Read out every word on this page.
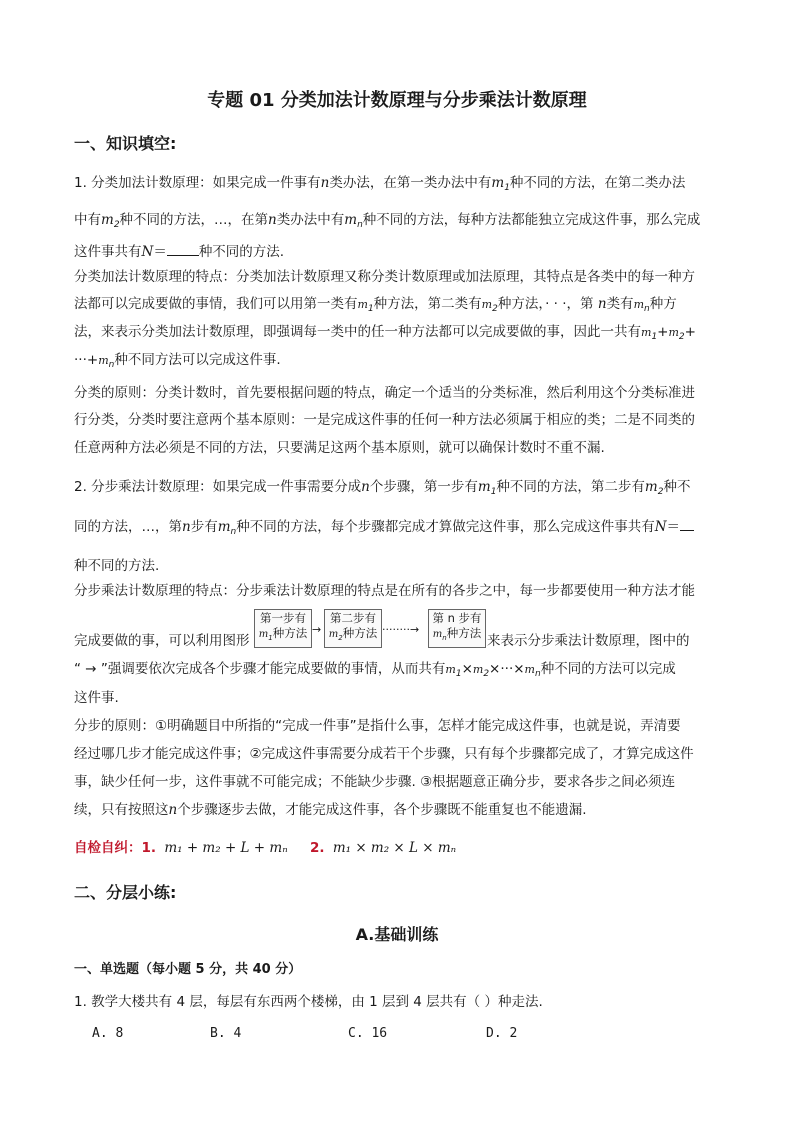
专题 01 分类加法计数原理与分步乘法计数原理
一、知识填空:
1. 分类加法计数原理：如果完成一件事有n类办法，在第一类办法中有$m_1$种不同的方法，在第二类办法
中有$m_2$种不同的方法，…，在第n类办法中有$m_n$种不同的方法，每种方法都能独立完成这件事，那么完成
这件事共有N＝ 种不同的方法.
分类加法计数原理的特点：分类加法计数原理又称分类计数原理或加法原理，其特点是各类中的每一种方
法都可以完成要做的事情，我们可以用第一类有$m_1$种方法，第二类有$m_2$种方法，· · ·，第 n类有$m_n$种方
法，来表示分类加法计数原理，即强调每一类中的任一种方法都可以完成要做的事，因此一共有$m_1+m_2+$
$\cdot\cdot\cdot+m_n$种不同方法可以完成这件事.
分类的原则：分类计数时，首先要根据问题的特点，确定一个适当的分类标准，然后利用这个分类标准进
行分类，分类时要注意两个基本原则：一是完成这件事的任何一种方法必须属于相应的类；二是不同类的
任意两种方法必须是不同的方法，只要满足这两个基本原则，就可以确保计数时不重不漏.
2. 分步乘法计数原理：如果完成一件事需要分成n个步骤，第一步有$m_1$种不同的方法，第二步有$m_2$种不
同的方法，…，第n步有$m_n$种不同的方法，每个步骤都完成才算做完这件事，那么完成这件事共有N＝
种不同的方法.
分步乘法计数原理的特点：分步乘法计数原理的特点是在所有的各步之中，每一步都要使用一种方法才能
完成要做的事，可以利用图形
第一步有
$m_1$种方法 →
第二步有
$m_2$种方法 ········→
第 n 步有
$m_n$种方法 来表示分步乘法计数原理，图中的
“ → ”强调要依次完成各个步骤才能完成要做的事情，从而共有$m_1\times m_2\times\cdot\cdot\cdot\times m_n$种不同的方法可以完成
这件事.
分步的原则：①明确题目中所指的“完成一件事”是指什么事，怎样才能完成这件事，也就是说，弄清要
经过哪几步才能完成这件事；②完成这件事需要分成若干个步骤，只有每个步骤都完成了，才算完成这件
事，缺少任何一步，这件事就不可能完成；不能缺少步骤. ③根据题意正确分步，要求各步之间必须连
续，只有按照这n个步骤逐步去做，才能完成这件事，各个步骤既不能重复也不能遗漏.
自检自纠：1. m₁ + m₂ + L + mₙ 2. m₁ × m₂ × L × mₙ
二、分层小练:
A.基础训练
一、单选题（每小题 5 分，共 40 分）
1. 教学大楼共有 4 层，每层有东西两个楼梯，由 1 层到 4 层共有（ ）种走法.
A. 8	B. 4	C. 16	D. 2
